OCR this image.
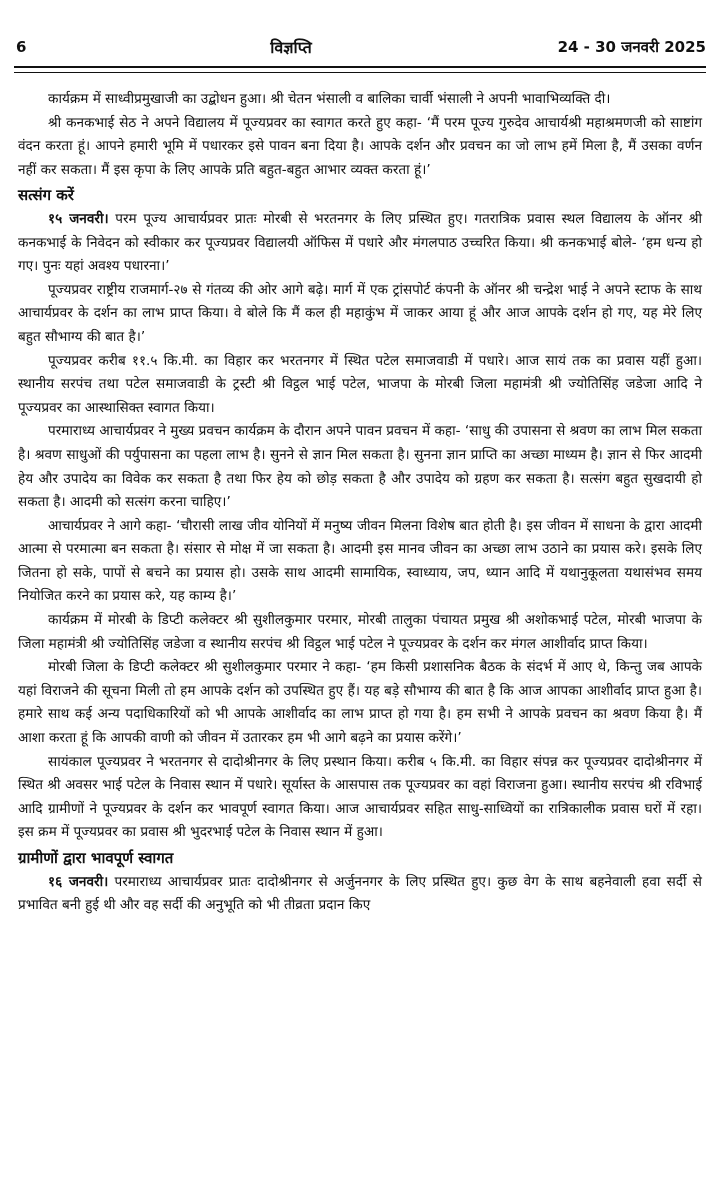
6	विज्ञप्ति	24 - 30 जनवरी 2025

कार्यक्रम में साध्वीप्रमुखाजी का उद्बोधन हुआ। श्री चेतन भंसाली व बालिका चार्वी भंसाली ने अपनी भावाभिव्यक्ति दी।

श्री कनकभाई सेठ ने अपने विद्यालय में पूज्यप्रवर का स्वागत करते हुए कहा- ‘मैं परम पूज्य गुरुदेव आचार्यश्री महाश्रमणजी को साष्टांग वंदन करता हूं। आपने हमारी भूमि में पधारकर इसे पावन बना दिया है। आपके दर्शन और प्रवचन का जो लाभ हमें मिला है, मैं उसका वर्णन नहीं कर सकता। मैं इस कृपा के लिए आपके प्रति बहुत-बहुत आभार व्यक्त करता हूं।’

सत्संग करें

१५ जनवरी। परम पूज्य आचार्यप्रवर प्रातः मोरबी से भरतनगर के लिए प्रस्थित हुए। गतरात्रिक प्रवास स्थल विद्यालय के ऑनर श्री कनकभाई के निवेदन को स्वीकार कर पूज्यप्रवर विद्यालयी ऑफिस में पधारे और मंगलपाठ उच्चरित किया। श्री कनकभाई बोले- ‘हम धन्य हो गए। पुनः यहां अवश्य पधारना।’

पूज्यप्रवर राष्ट्रीय राजमार्ग-२७ से गंतव्य की ओर आगे बढ़े। मार्ग में एक ट्रांसपोर्ट कंपनी के ऑनर श्री चन्द्रेश भाई ने अपने स्टाफ के साथ आचार्यप्रवर के दर्शन का लाभ प्राप्त किया। वे बोले कि मैं कल ही महाकुंभ में जाकर आया हूं और आज आपके दर्शन हो गए, यह मेरे लिए बहुत सौभाग्य की बात है।’

पूज्यप्रवर करीब ११.५ कि.मी. का विहार कर भरतनगर में स्थित पटेल समाजवाडी में पधारे। आज सायं तक का प्रवास यहीं हुआ। स्थानीय सरपंच तथा पटेल समाजवाडी के ट्रस्टी श्री विट्ठल भाई पटेल, भाजपा के मोरबी जिला महामंत्री श्री ज्योतिसिंह जडेजा आदि ने पूज्यप्रवर का आस्थासिक्त स्वागत किया।

परमाराध्य आचार्यप्रवर ने मुख्य प्रवचन कार्यक्रम के दौरान अपने पावन प्रवचन में कहा- ‘साधु की उपासना से श्रवण का लाभ मिल सकता है। श्रवण साधुओं की पर्युपासना का पहला लाभ है। सुनने से ज्ञान मिल सकता है। सुनना ज्ञान प्राप्ति का अच्छा माध्यम है। ज्ञान से फिर आदमी हेय और उपादेय का विवेक कर सकता है तथा फिर हेय को छोड़ सकता है और उपादेय को ग्रहण कर सकता है। सत्संग बहुत सुखदायी हो सकता है। आदमी को सत्संग करना चाहिए।’

आचार्यप्रवर ने आगे कहा- ‘चौरासी लाख जीव योनियों में मनुष्य जीवन मिलना विशेष बात होती है। इस जीवन में साधना के द्वारा आदमी आत्मा से परमात्मा बन सकता है। संसार से मोक्ष में जा सकता है। आदमी इस मानव जीवन का अच्छा लाभ उठाने का प्रयास करे। इसके लिए जितना हो सके, पापों से बचने का प्रयास हो। उसके साथ आदमी सामायिक, स्वाध्याय, जप, ध्यान आदि में यथानुकूलता यथासंभव समय नियोजित करने का प्रयास करे, यह काम्य है।’

कार्यक्रम में मोरबी के डिप्टी कलेक्टर श्री सुशीलकुमार परमार, मोरबी तालुका पंचायत प्रमुख श्री अशोकभाई पटेल, मोरबी भाजपा के जिला महामंत्री श्री ज्योतिसिंह जडेजा व स्थानीय सरपंच श्री विट्ठल भाई पटेल ने पूज्यप्रवर के दर्शन कर मंगल आशीर्वाद प्राप्त किया।

मोरबी जिला के डिप्टी कलेक्टर श्री सुशीलकुमार परमार ने कहा- ‘हम किसी प्रशासनिक बैठक के संदर्भ में आए थे, किन्तु जब आपके यहां विराजने की सूचना मिली तो हम आपके दर्शन को उपस्थित हुए हैं। यह बड़े सौभाग्य की बात है कि आज आपका आशीर्वाद प्राप्त हुआ है। हमारे साथ कई अन्य पदाधिकारियों को भी आपके आशीर्वाद का लाभ प्राप्त हो गया है। हम सभी ने आपके प्रवचन का श्रवण किया है। मैं आशा करता हूं कि आपकी वाणी को जीवन में उतारकर हम भी आगे बढ़ने का प्रयास करेंगे।’

सायंकाल पूज्यप्रवर ने भरतनगर से दादोश्रीनगर के लिए प्रस्थान किया। करीब ५ कि.मी. का विहार संपन्न कर पूज्यप्रवर दादोश्रीनगर में स्थित श्री अवसर भाई पटेल के निवास स्थान में पधारे। सूर्यास्त के आसपास तक पूज्यप्रवर का वहां विराजना हुआ। स्थानीय सरपंच श्री रविभाई आदि ग्रामीणों ने पूज्यप्रवर के दर्शन कर भावपूर्ण स्वागत किया। आज आचार्यप्रवर सहित साधु-साध्वियों का रात्रिकालीक प्रवास घरों में रहा। इस क्रम में पूज्यप्रवर का प्रवास श्री भुदरभाई पटेल के निवास स्थान में हुआ।

ग्रामीणों द्वारा भावपूर्ण स्वागत

१६ जनवरी। परमाराध्य आचार्यप्रवर प्रातः दादोश्रीनगर से अर्जुननगर के लिए प्रस्थित हुए। कुछ वेग के साथ बहनेवाली हवा सर्दी से प्रभावित बनी हुई थी और वह सर्दी की अनुभूति को भी तीव्रता प्रदान किए
